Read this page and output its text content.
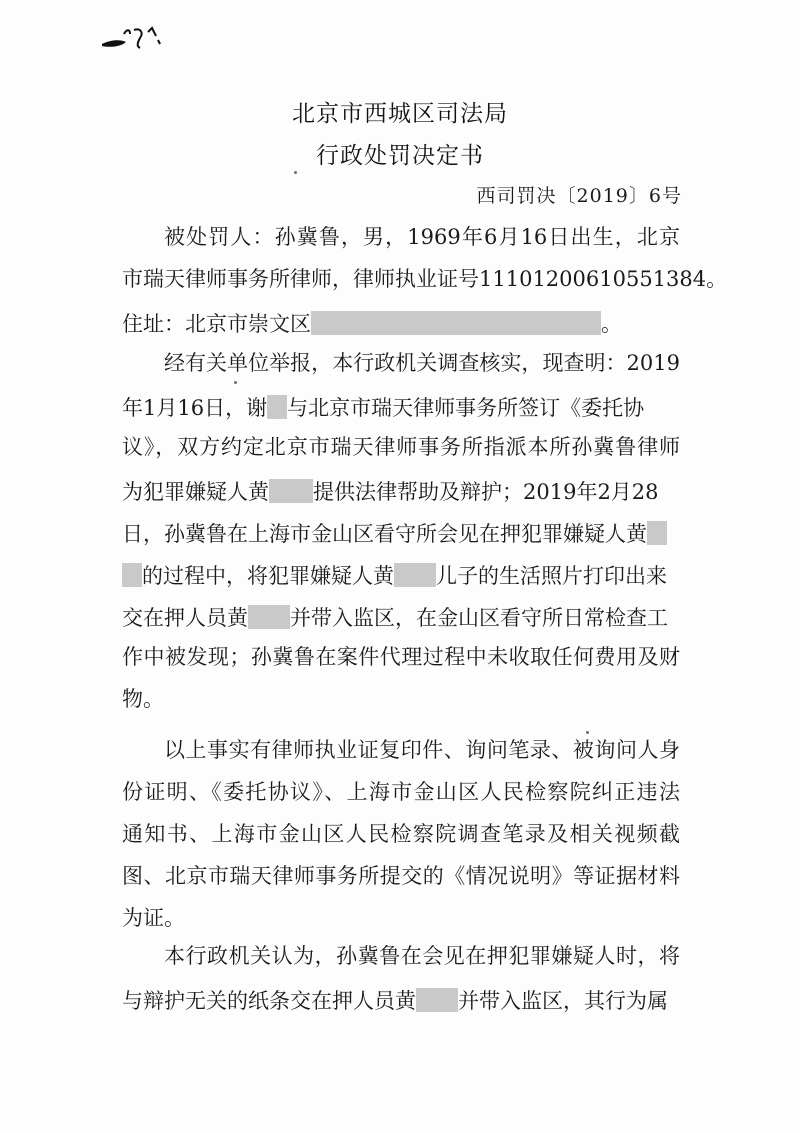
北京市西城区司法局
行政处罚决定书
西司罚决〔2019〕6号
被处罚人：孙冀鲁，男，1969年6月16日出生，北京
市瑞天律师事务所律师，律师执业证号11101200610551384。
住址：北京市崇文区	。
经有关单位举报，本行政机关调查核实，现查明：2019
年1月16日，谢 与北京市瑞天律师事务所签订《委托协
议》，双方约定北京市瑞天律师事务所指派本所孙冀鲁律师
为犯罪嫌疑人黄 提供法律帮助及辩护；2019年2月28
日，孙冀鲁在上海市金山区看守所会见在押犯罪嫌疑人黄
的过程中，将犯罪嫌疑人黄 儿子的生活照片打印出来
交在押人员黄 并带入监区，在金山区看守所日常检查工
作中被发现；孙冀鲁在案件代理过程中未收取任何费用及财
物。
以上事实有律师执业证复印件、询问笔录、被询问人身
份证明、《委托协议》、上海市金山区人民检察院纠正违法
通知书、上海市金山区人民检察院调查笔录及相关视频截
图、北京市瑞天律师事务所提交的《情况说明》等证据材料
为证。
本行政机关认为，孙冀鲁在会见在押犯罪嫌疑人时，将
与辩护无关的纸条交在押人员黄 并带入监区，其行为属
